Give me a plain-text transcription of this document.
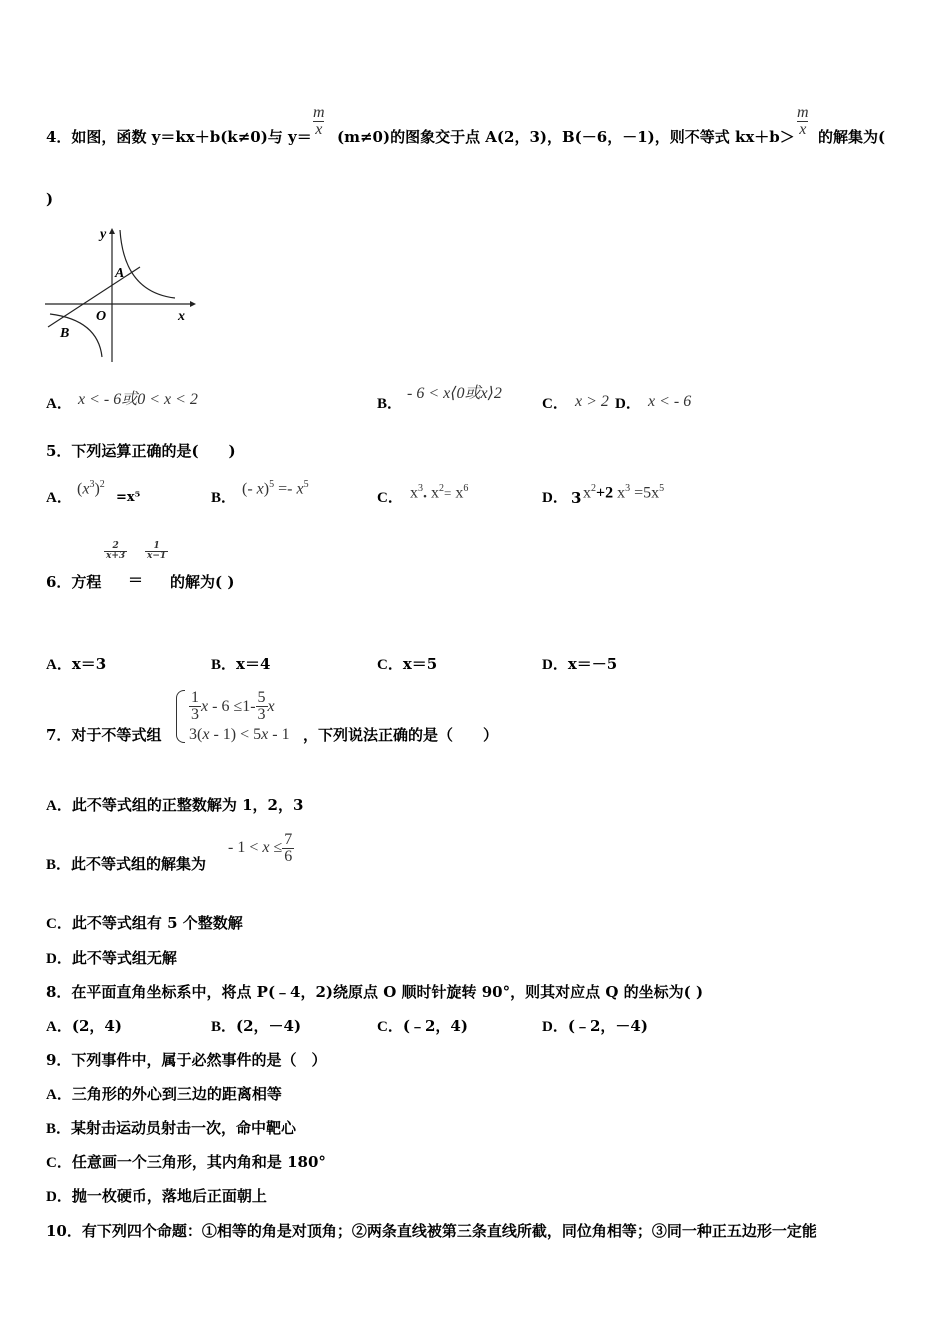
4．如图，函数 y＝kx＋b(k≠0)与 $y= \frac{m}{x} (m\ne 0)$的图象交于点 A(2，3)，B(－6，－1)，则不等式 $kx+b> \frac{m}{x}$ 的解集为(
)
y
x
O
A
B
A． x < - 6或0 < x < 2	B．
- 6 < x⟨0或x⟩2
C． x > 2 D． x < - 6
5．下列运算正确的是(　　)
A．
$(x^3)^2$
=x⁵	B．
(- $x)^5 =- x^5$
C． $x^3$. $x^2= x^6$
D． 3 $x^2+2$ $x^3 =5x^5$
6．方程
$\frac{2}{x+3}$
＝
$\frac{1}{x-1}$
的解为( )
A．x＝3	B．x＝4	C．x＝5	D．x＝－5
7．对于不等式组
$\frac{1}{3}$ $x - 6 \le 1- \frac{5}{3}$ x
3(x - 1) < 5x - 1 ，下列说法正确的是（　　）
A．此不等式组的正整数解为 1，2，3
B．此不等式组的解集为
- $1 < x \le \frac{7}{6}$
C．此不等式组有 5 个整数解
D．此不等式组无解
8．在平面直角坐标系中，将点 P(﹣4，2)绕原点 O 顺时针旋转 90°，则其对应点 Q 的坐标为( )
A．(2，4)	B．(2，－4)	C．(﹣2，4)	D．(﹣2，－4)
9．下列事件中，属于必然事件的是（　）
A．三角形的外心到三边的距离相等
B．某射击运动员射击一次，命中靶心
C．任意画一个三角形，其内角和是 180°
D．抛一枚硬币，落地后正面朝上
10．有下列四个命题：①相等的角是对顶角；②两条直线被第三条直线所截，同位角相等；③同一种正五边形一定能
